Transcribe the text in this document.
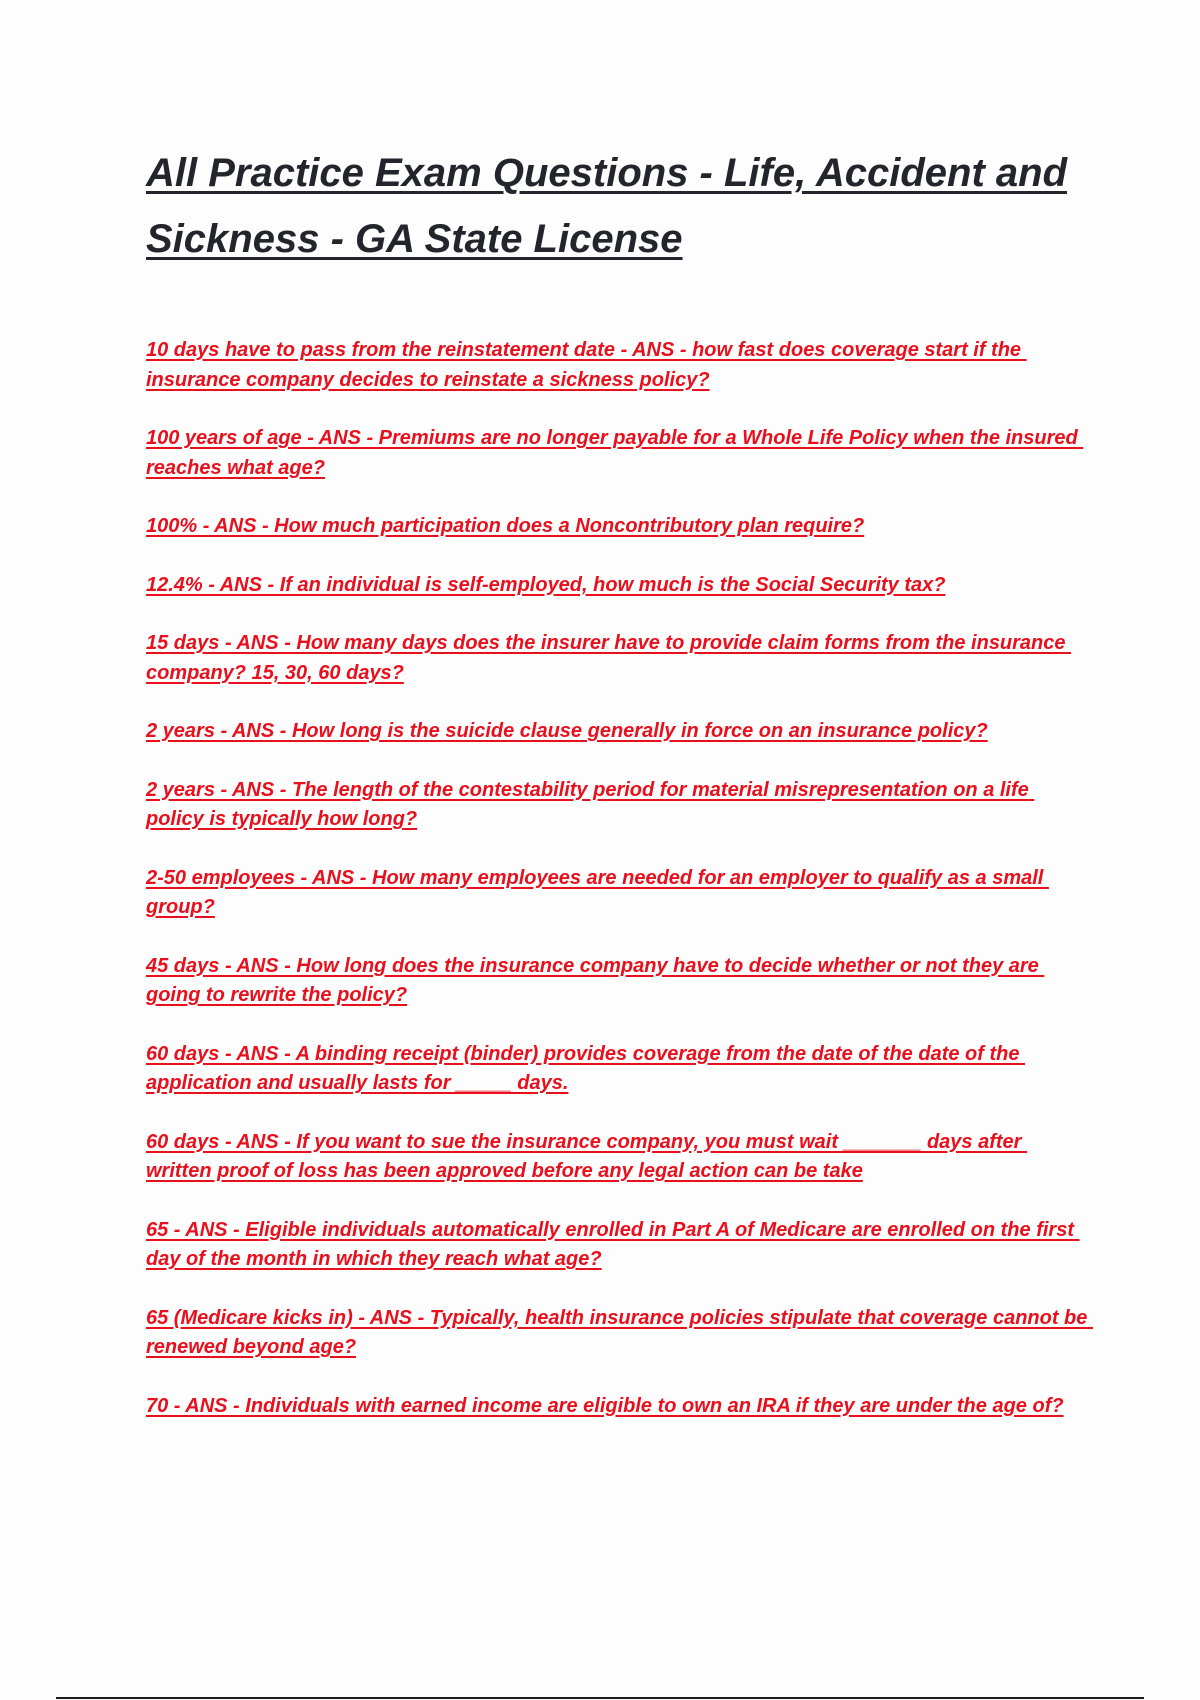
All Practice Exam Questions - Life, Accident and Sickness - GA State License
10 days have to pass from the reinstatement date - ANS - how fast does coverage start if the insurance company decides to reinstate a sickness policy?
100 years of age - ANS - Premiums are no longer payable for a Whole Life Policy when the insured reaches what age?
100% - ANS - How much participation does a Noncontributory plan require?
12.4% - ANS - If an individual is self-employed, how much is the Social Security tax?
15 days - ANS - How many days does the insurer have to provide claim forms from the insurance company? 15, 30, 60 days?
2 years - ANS - How long is the suicide clause generally in force on an insurance policy?
2 years - ANS - The length of the contestability period for material misrepresentation on a life policy is typically how long?
2-50 employees - ANS - How many employees are needed for an employer to qualify as a small group?
45 days - ANS - How long does the insurance company have to decide whether or not they are going to rewrite the policy?
60 days - ANS - A binding receipt (binder) provides coverage from the date of the date of the application and usually lasts for _____ days.
60 days - ANS - If you want to sue the insurance company, you must wait _______ days after written proof of loss has been approved before any legal action can be take
65 - ANS - Eligible individuals automatically enrolled in Part A of Medicare are enrolled on the first day of the month in which they reach what age?
65 (Medicare kicks in) - ANS - Typically, health insurance policies stipulate that coverage cannot be renewed beyond age?
70 - ANS - Individuals with earned income are eligible to own an IRA if they are under the age of?
